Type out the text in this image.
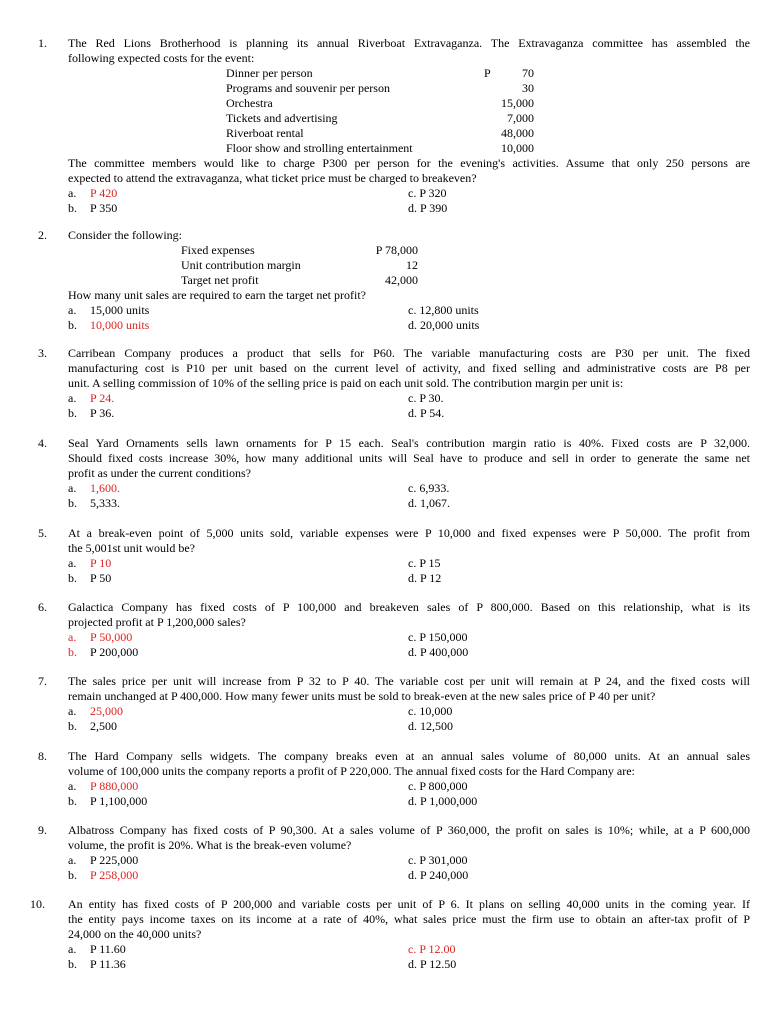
1.	The Red Lions Brotherhood is planning its annual Riverboat Extravaganza. The Extravaganza committee has assembled the
following expected costs for the event:
Dinner per person	P	70
Programs and souvenir per person	30
Orchestra	15,000
Tickets and advertising	7,000
Riverboat rental	48,000
Floor show and strolling entertainment	10,000
The committee members would like to charge P300 per person for the evening's activities. Assume that only 250 persons are
expected to attend the extravaganza, what ticket price must be charged to breakeven?
a. P 420	c. P 320
b. P 350	d. P 390
2.	Consider the following:
Fixed expenses	P 78,000
Unit contribution margin	12
Target net profit	42,000
How many unit sales are required to earn the target net profit?
a. 15,000 units	c. 12,800 units
b. 10,000 units	d. 20,000 units
3.	Carribean Company produces a product that sells for P60. The variable manufacturing costs are P30 per unit. The fixed
manufacturing cost is P10 per unit based on the current level of activity, and fixed selling and administrative costs are P8 per
unit. A selling commission of 10% of the selling price is paid on each unit sold. The contribution margin per unit is:
a. P 24.	c. P 30.
b. P 36.	d. P 54.
4.	Seal Yard Ornaments sells lawn ornaments for P 15 each. Seal's contribution margin ratio is 40%. Fixed costs are P 32,000.
Should fixed costs increase 30%, how many additional units will Seal have to produce and sell in order to generate the same net
profit as under the current conditions?
a. 1,600.	c. 6,933.
b. 5,333.	d. 1,067.
5.	At a break-even point of 5,000 units sold, variable expenses were P 10,000 and fixed expenses were P 50,000. The profit from
the 5,001st unit would be?
a. P 10	c. P 15
b. P 50	d. P 12
6.	Galactica Company has fixed costs of P 100,000 and breakeven sales of P 800,000. Based on this relationship, what is its
projected profit at P 1,200,000 sales?
a. P 50,000	c. P 150,000
b. P 200,000	d. P 400,000
7.	The sales price per unit will increase from P 32 to P 40. The variable cost per unit will remain at P 24, and the fixed costs will
remain unchanged at P 400,000. How many fewer units must be sold to break-even at the new sales price of P 40 per unit?
a. 25,000	c. 10,000
b. 2,500	d. 12,500
8.	The Hard Company sells widgets. The company breaks even at an annual sales volume of 80,000 units. At an annual sales
volume of 100,000 units the company reports a profit of P 220,000. The annual fixed costs for the Hard Company are:
a. P 880,000	c. P 800,000
b. P 1,100,000	d. P 1,000,000
9.	Albatross Company has fixed costs of P 90,300. At a sales volume of P 360,000, the profit on sales is 10%; while, at a P 600,000
volume, the profit is 20%. What is the break-even volume?
a. P 225,000	c. P 301,000
b. P 258,000	d. P 240,000
10.	An entity has fixed costs of P 200,000 and variable costs per unit of P 6. It plans on selling 40,000 units in the coming year. If
the entity pays income taxes on its income at a rate of 40%, what sales price must the firm use to obtain an after-tax profit of P
24,000 on the 40,000 units?
a. P 11.60	c. P 12.00
b. P 11.36	d. P 12.50
